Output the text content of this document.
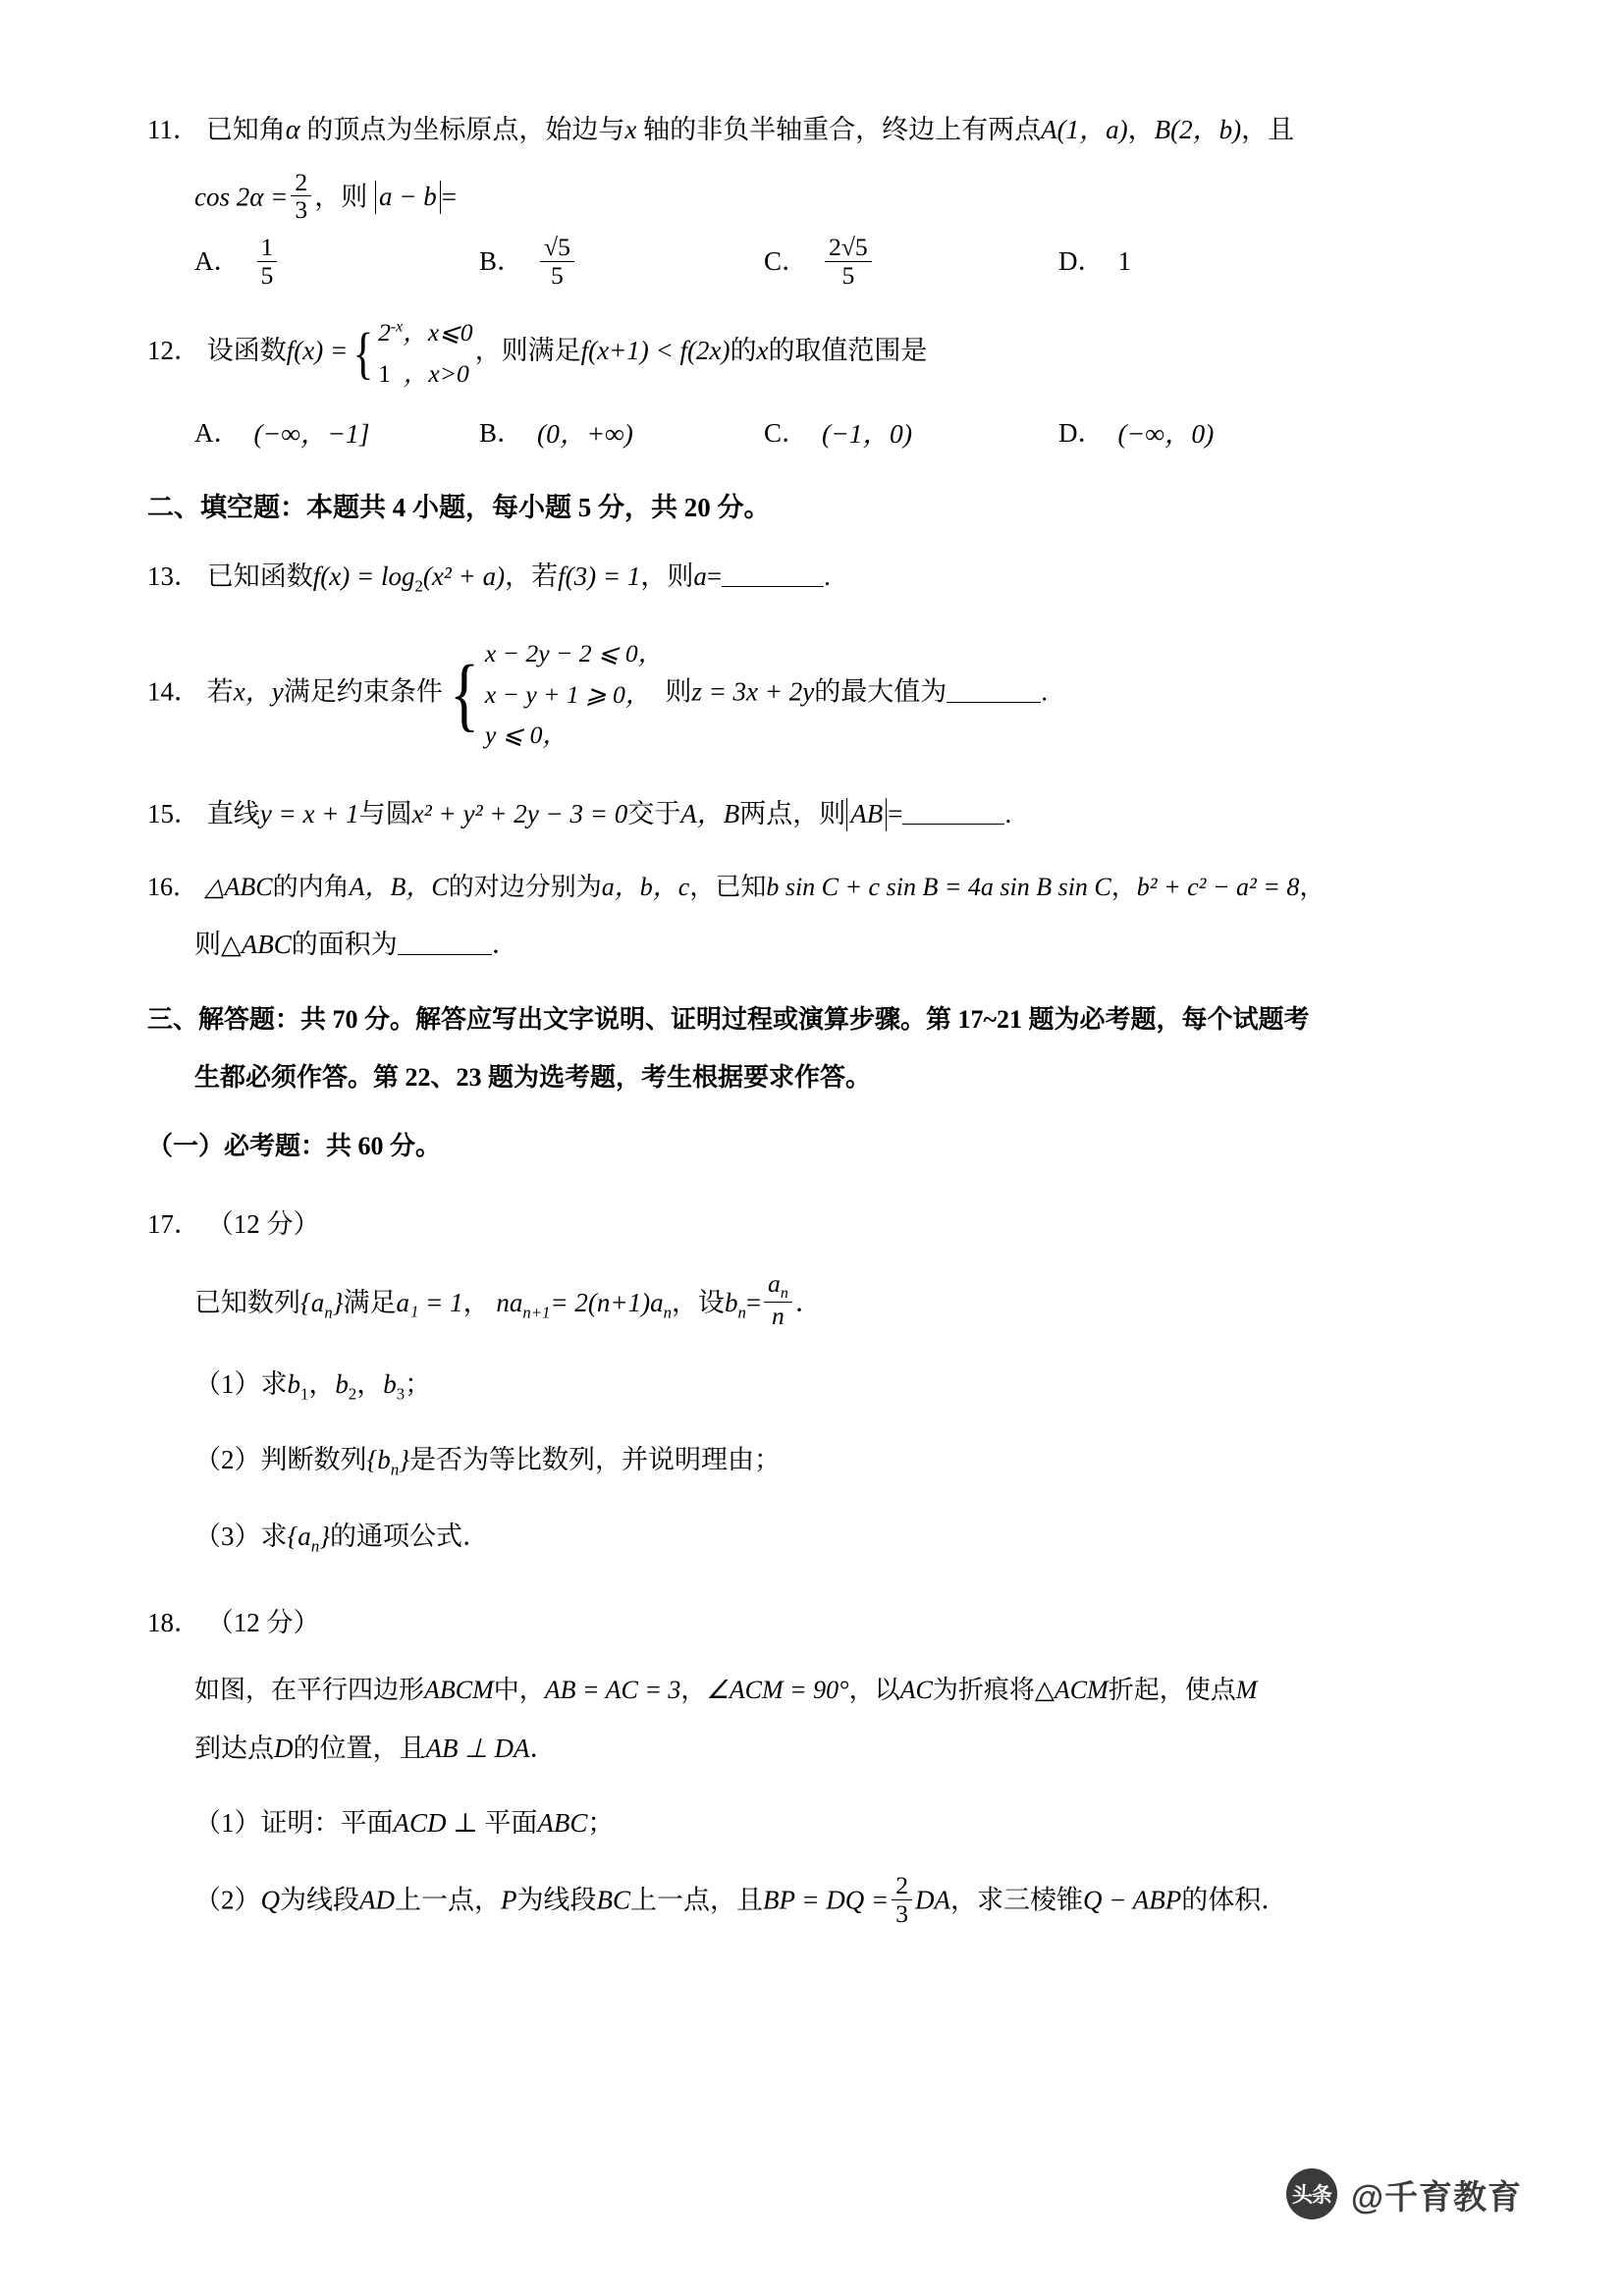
11． 已知角α 的顶点为坐标原点，始边与x 轴的非负半轴重合，终边上有两点A(1，a)，B(2，b)，且
$\cos 2\alpha = \frac{2}{3}$ ，则 a − b =
A． $\frac{1}{5}$	B． $\frac{√5}{5}$	C． $\frac{2√5}{5}$	D． 1
12． 设函数f(x) = { $2^{-x}$，x⩽0
1 ，x>0
，则满足f(x+1) < f(2x)的x的取值范围是
A． (−∞，−1]	B． (0，+∞)	C． (−1，0)	D． (−∞，0)
二、填空题：本题共 4 小题，每小题 5 分，共 20 分。
13． 已知函数$f(x) = \log_2(x^2 + a)$，若f(3) = 1，则a=	.
14． 若x，y满足约束条件 { x − 2y − 2 ⩽ 0，
x − y + 1 ⩾ 0，
y ⩽ 0，
则z = 3x + 2y的最大值为	.
15． 直线y = x + 1与圆x² + y² + 2y − 3 = 0交于A，B两点，则 AB =	.
16． △ABC的内角A，B，C的对边分别为a，b，c，已知b sin C + c sin B = 4a sin B sin C，b² + c² − a² = 8，
则△ABC的面积为	．
三、解答题：共 70 分。解答应写出文字说明、证明过程或演算步骤。第 17~21 题为必考题，每个试题考
生都必须作答。第 22、23 题为选考题，考生根据要求作答。
（一）必考题：共 60 分。
17． （12 分）
已知数列$\{a_n\}$满足a₁ = 1， $na_{n+1}= 2(n+1)a_n$，设$b_n= \frac{a_n}{n}$ ．
（1）求$b_1$，$b_2$，$b_3$；
（2）判断数列$\{b_n\}$是否为等比数列，并说明理由；
（3）求$\{a_n\}$的通项公式．
18． （12 分）
如图，在平行四边形ABCM中，AB = AC = 3，∠ACM = 90°，以AC为折痕将△ACM折起，使点M
到达点D的位置，且AB ⊥ DA．
（1）证明：平面ACD ⊥ 平面ABC；
（2）Q为线段AD上一点，P为线段BC上一点，且BP = DQ = $\frac{2}{3}$ DA，求三棱锥Q − ABP的体积．
头条 @千育教育
